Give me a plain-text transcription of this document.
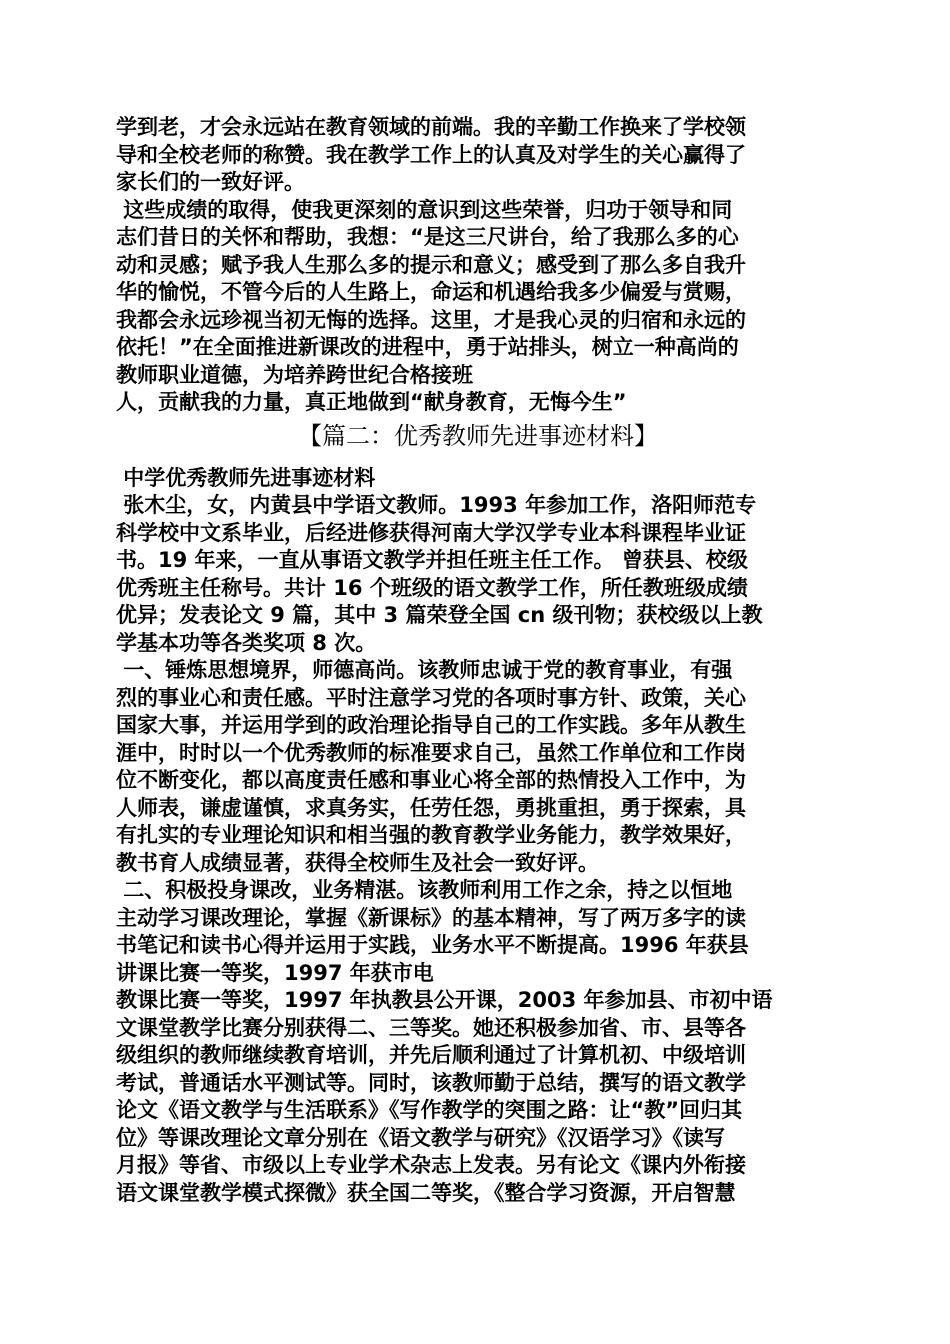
学到老，才会永远站在教育领域的前端。我的辛勤工作换来了学校领
导和全校老师的称赞。我在教学工作上的认真及对学生的关心赢得了
家长们的一致好评。
这些成绩的取得，使我更深刻的意识到这些荣誉，归功于领导和同
志们昔日的关怀和帮助，我想：“是这三尺讲台，给了我那么多的心
动和灵感；赋予我人生那么多的提示和意义；感受到了那么多自我升
华的愉悦，不管今后的人生路上，命运和机遇给我多少偏爱与赏赐，
我都会永远珍视当初无悔的选择。这里，才是我心灵的归宿和永远的
依托！”在全面推进新课改的进程中，勇于站排头，树立一种高尚的
教师职业道德，为培养跨世纪合格接班
人，贡献我的力量，真正地做到“献身教育，无悔今生”
【篇二：优秀教师先进事迹材料】
中学优秀教师先进事迹材料
张木尘，女，内黄县中学语文教师。1993 年参加工作，洛阳师范专
科学校中文系毕业，后经进修获得河南大学汉学专业本科课程毕业证
书。19 年来，一直从事语文教学并担任班主任工作。 曾获县、校级
优秀班主任称号。共计 16 个班级的语文教学工作，所任教班级成绩
优异；发表论文 9 篇，其中 3 篇荣登全国 cn 级刊物；获校级以上教
学基本功等各类奖项 8 次。
一、锤炼思想境界，师德高尚。该教师忠诚于党的教育事业，有强
烈的事业心和责任感。平时注意学习党的各项时事方针、政策，关心
国家大事，并运用学到的政治理论指导自己的工作实践。多年从教生
涯中，时时以一个优秀教师的标准要求自己，虽然工作单位和工作岗
位不断变化，都以高度责任感和事业心将全部的热情投入工作中，为
人师表，谦虚谨慎，求真务实，任劳任怨，勇挑重担，勇于探索，具
有扎实的专业理论知识和相当强的教育教学业务能力，教学效果好，
教书育人成绩显著，获得全校师生及社会一致好评。
二、积极投身课改，业务精湛。该教师利用工作之余，持之以恒地
主动学习课改理论，掌握《新课标》的基本精神，写了两万多字的读
书笔记和读书心得并运用于实践，业务水平不断提高。1996 年获县
讲课比赛一等奖，1997 年获市电
教课比赛一等奖，1997 年执教县公开课，2003 年参加县、市初中语
文课堂教学比赛分别获得二、三等奖。她还积极参加省、市、县等各
级组织的教师继续教育培训，并先后顺利通过了计算机初、中级培训
考试，普通话水平测试等。同时，该教师勤于总结，撰写的语文教学
论文《语文教学与生活联系》《写作教学的突围之路：让“教”回归其
位》等课改理论文章分别在《语文教学与研究》《汉语学习》《读写
月报》等省、市级以上专业学术杂志上发表。另有论文《课内外衔接
语文课堂教学模式探微》获全国二等奖，《整合学习资源，开启智慧
